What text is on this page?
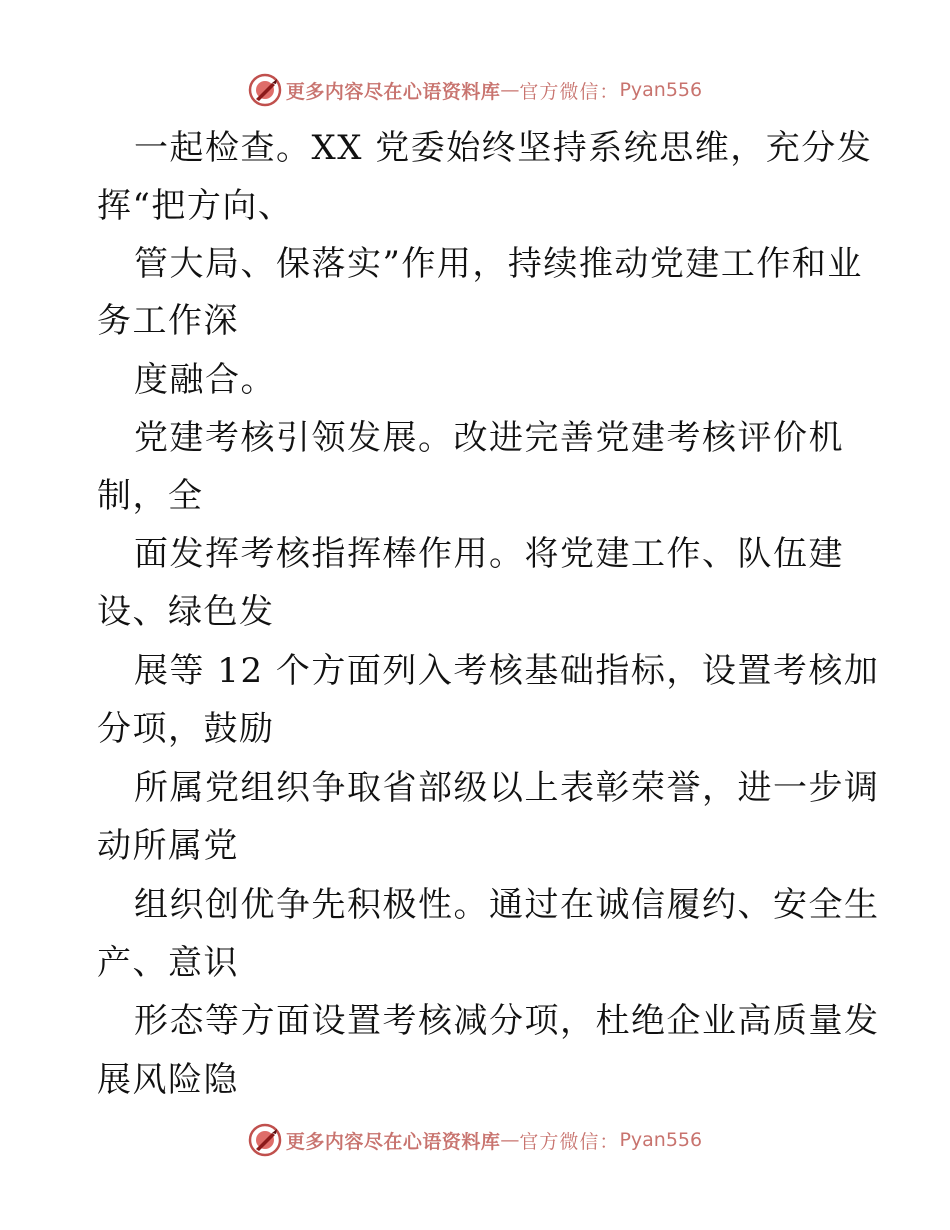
更多内容尽在心语资料库 — 官方微信： Pyan556
一起检查。XX 党委始终坚持系统思维，充分发
挥“把方向、
管大局、保落实”作用，持续推动党建工作和业
务工作深
度融合。
党建考核引领发展。改进完善党建考核评价机
制，全
面发挥考核指挥棒作用。将党建工作、队伍建
设、绿色发
展等 12 个方面列入考核基础指标，设置考核加
分项，鼓励
所属党组织争取省部级以上表彰荣誉，进一步调
动所属党
组织创优争先积极性。通过在诚信履约、安全生
产、意识
形态等方面设置考核减分项，杜绝企业高质量发
展风险隐
更多内容尽在心语资料库 — 官方微信： Pyan556
